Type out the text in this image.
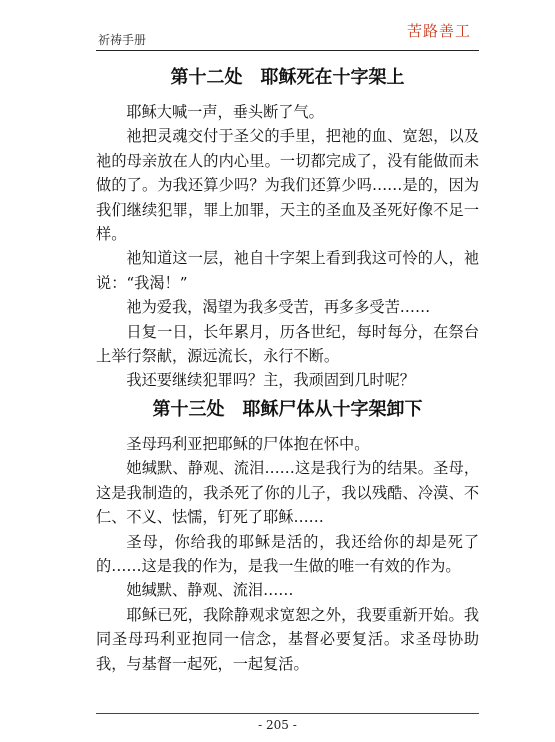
祈祷手册	苦路善工
第十二处　耶稣死在十字架上

耶稣大喊一声，垂头断了气。

祂把灵魂交付于圣父的手里，把祂的血、宽恕，以及祂的母亲放在人的内心里。一切都完成了，没有能做而未做的了。为我还算少吗？为我们还算少吗……是的，因为我们继续犯罪，罪上加罪，天主的圣血及圣死好像不足一样。

祂知道这一层，祂自十字架上看到我这可怜的人，祂说：“我渴！”

祂为爱我，渴望为我多受苦，再多多受苦……

日复一日，长年累月，历各世纪，每时每分，在祭台上举行祭献，源远流长，永行不断。

我还要继续犯罪吗？主，我顽固到几时呢？

第十三处　耶稣尸体从十字架卸下

圣母玛利亚把耶稣的尸体抱在怀中。

她缄默、静观、流泪……这是我行为的结果。圣母，这是我制造的，我杀死了你的儿子，我以残酷、冷漠、不仁、不义、怯懦，钉死了耶稣……

圣母，你给我的耶稣是活的，我还给你的却是死了的……这是我的作为，是我一生做的唯一有效的作为。

她缄默、静观、流泪……

耶稣已死，我除静观求宽恕之外，我要重新开始。我同圣母玛利亚抱同一信念，基督必要复活。求圣母协助我，与基督一起死，一起复活。

- 205 -
